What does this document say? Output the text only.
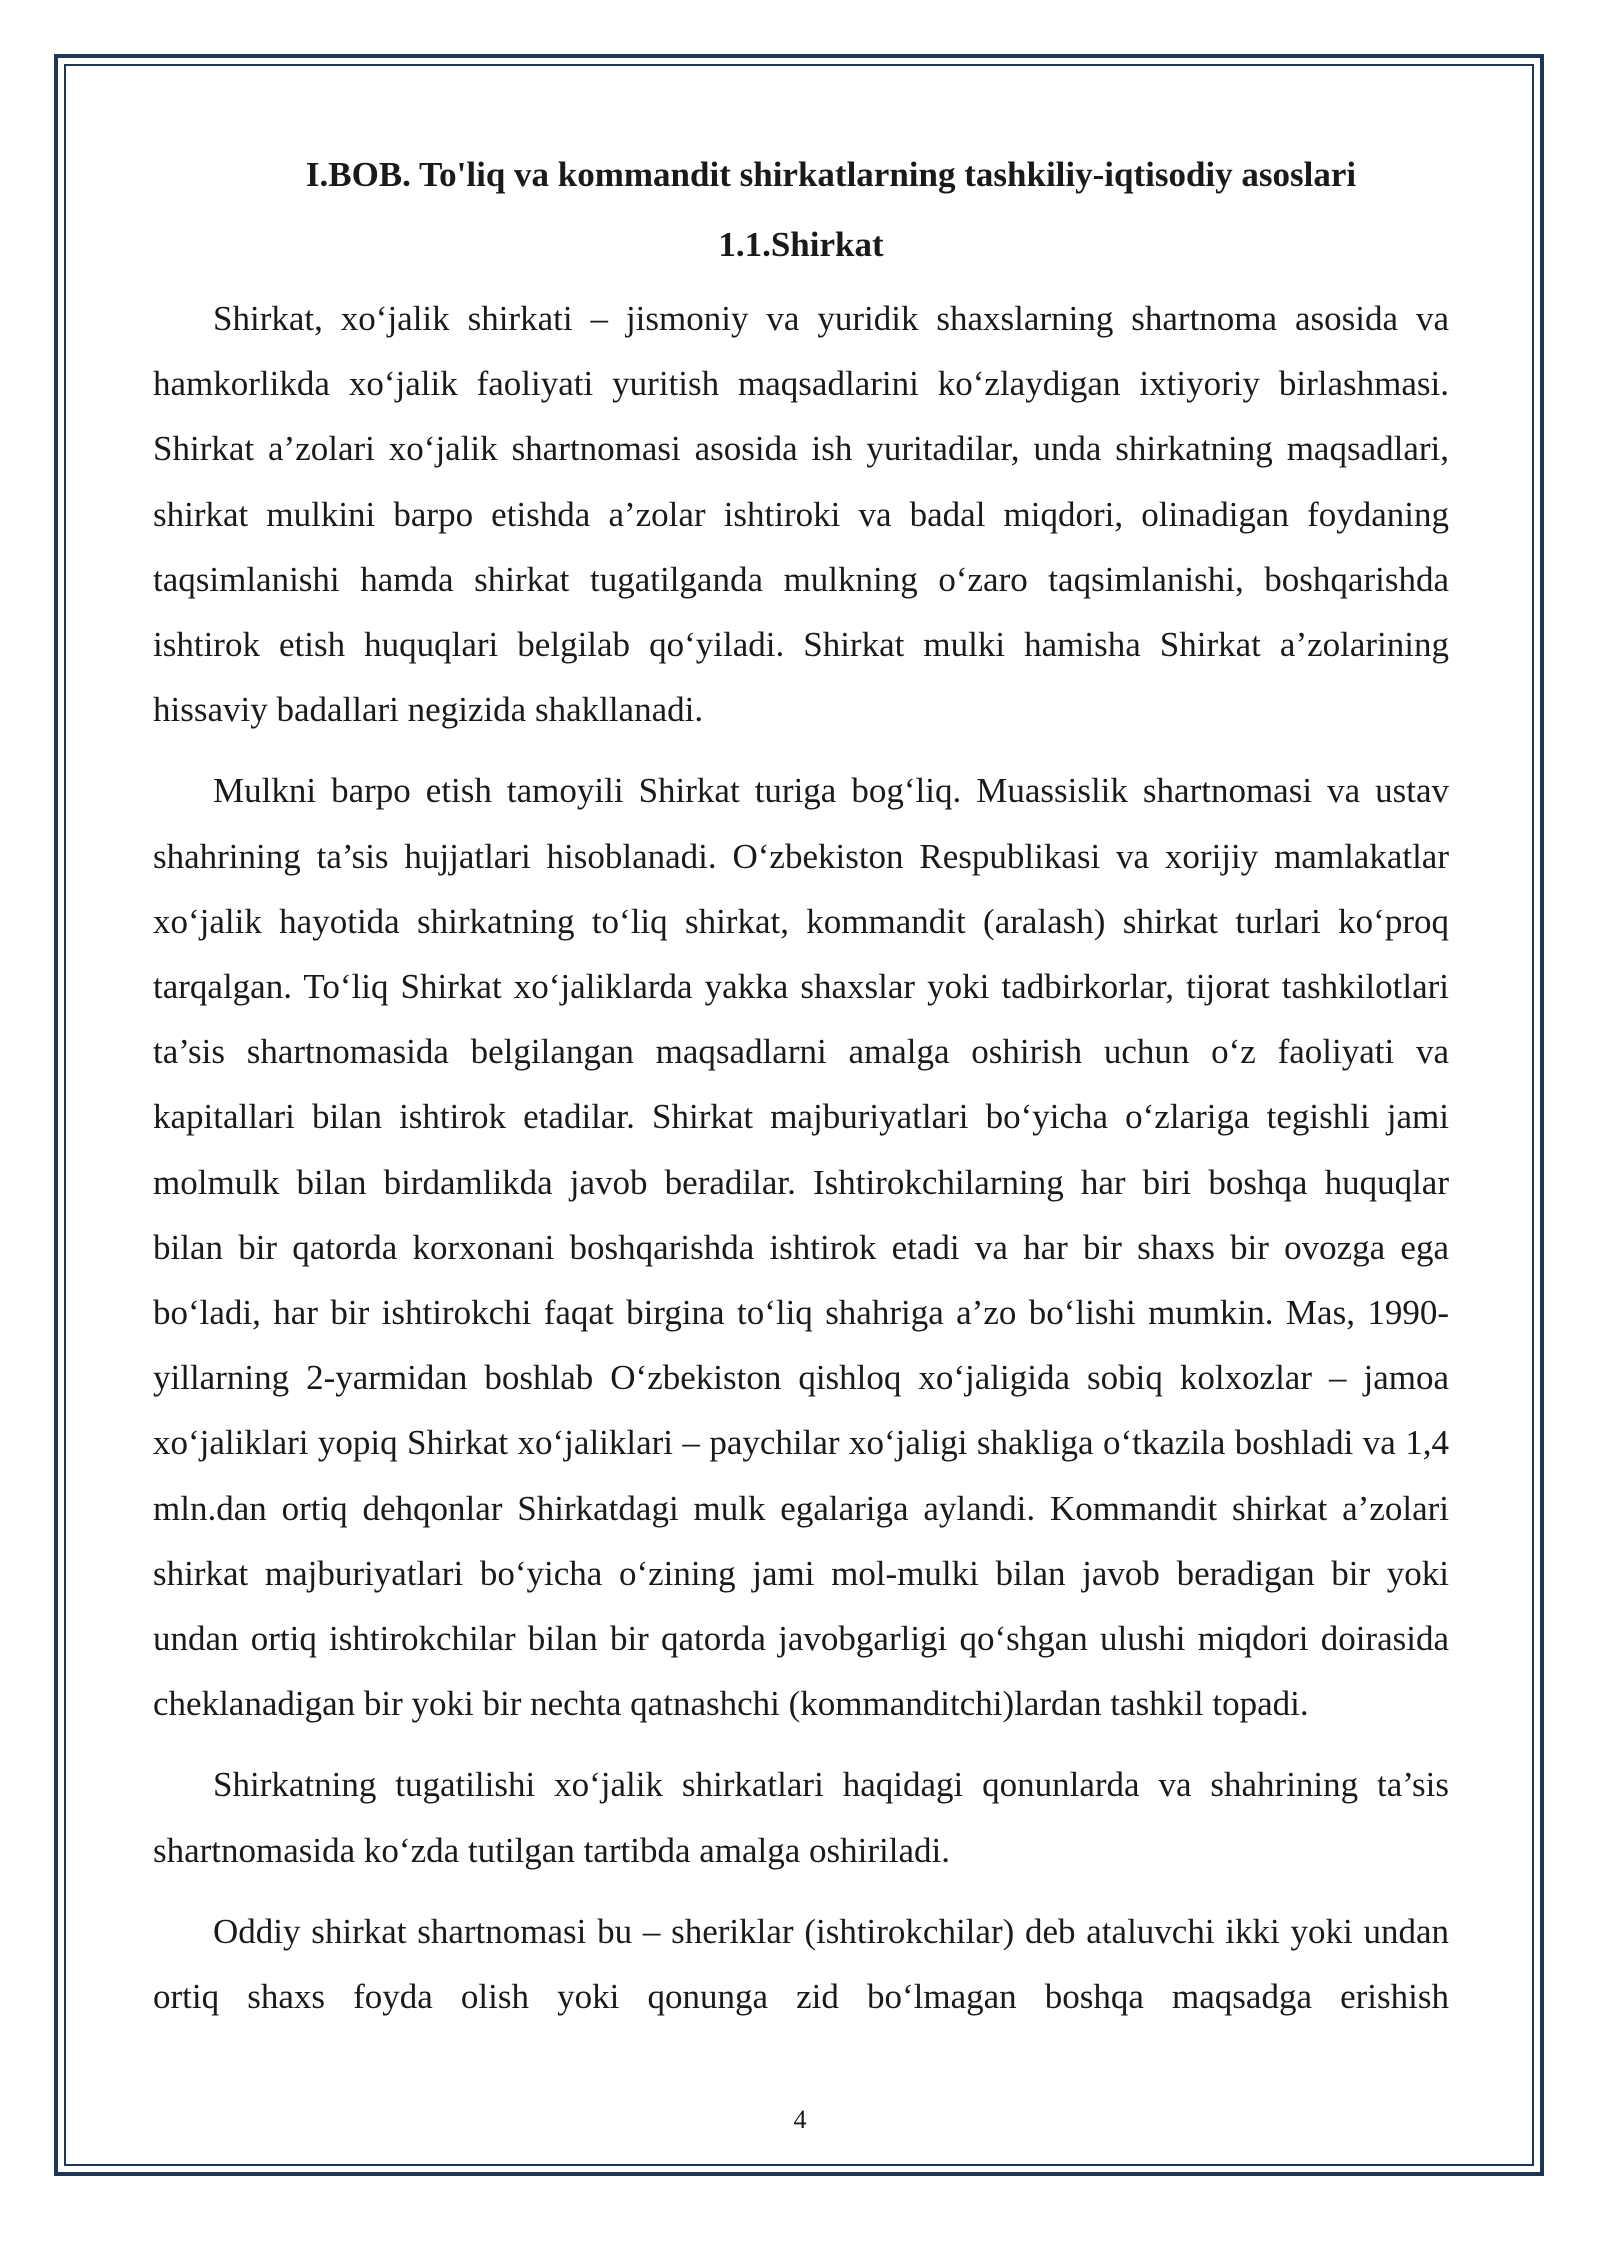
I.BOB. To'liq va kommandit shirkatlarning tashkiliy-iqtisodiy asoslari
1.1.Shirkat

Shirkat, xo‘jalik shirkati – jismoniy va yuridik shaxslarning shartnoma asosida va hamkorlikda xo‘jalik faoliyati yuritish maqsadlarini ko‘zlaydigan ixtiyoriy birlashmasi. Shirkat a’zolari xo‘jalik shartnomasi asosida ish yuritadilar, unda shirkatning maqsadlari, shirkat mulkini barpo etishda a’zolar ishtiroki va badal miqdori, olinadigan foydaning taqsimlanishi hamda shirkat tugatilganda mulkning o‘zaro taqsimlanishi, boshqarishda ishtirok etish huquqlari belgilab qo‘yiladi. Shirkat mulki hamisha Shirkat a’zolarining hissaviy badallari negizida shakllanadi.

Mulkni barpo etish tamoyili Shirkat turiga bog‘liq. Muassislik shartnomasi va ustav shahrining ta’sis hujjatlari hisoblanadi. O‘zbekiston Respublikasi va xorijiy mamlakatlar xo‘jalik hayotida shirkatning to‘liq shirkat, kommandit (aralash) shirkat turlari ko‘proq tarqalgan. To‘liq Shirkat xo‘jaliklarda yakka shaxslar yoki tadbirkorlar, tijorat tashkilotlari ta’sis shartnomasida belgilangan maqsadlarni amalga oshirish uchun o‘z faoliyati va kapitallari bilan ishtirok etadilar. Shirkat majburiyatlari bo‘yicha o‘zlariga tegishli jami molmulk bilan birdamlikda javob beradilar. Ishtirokchilarning har biri boshqa huquqlar bilan bir qatorda korxonani boshqarishda ishtirok etadi va har bir shaxs bir ovozga ega bo‘ladi, har bir ishtirokchi faqat birgina to‘liq shahriga a’zo bo‘lishi mumkin. Mas, 1990-yillarning 2-yarmidan boshlab O‘zbekiston qishloq xo‘jaligida sobiq kolxozlar – jamoa xo‘jaliklari yopiq Shirkat xo‘jaliklari – paychilar xo‘jaligi shakliga o‘tkazila boshladi va 1,4 mln.dan ortiq dehqonlar Shirkatdagi mulk egalariga aylandi. Kommandit shirkat a’zolari shirkat majburiyatlari bo‘yicha o‘zining jami mol-mulki bilan javob beradigan bir yoki undan ortiq ishtirokchilar bilan bir qatorda javobgarligi qo‘shgan ulushi miqdori doirasida cheklanadigan bir yoki bir nechta qatnashchi (kommanditchi)lardan tashkil topadi.

Shirkatning tugatilishi xo‘jalik shirkatlari haqidagi qonunlarda va shahrining ta’sis shartnomasida ko‘zda tutilgan tartibda amalga oshiriladi.

Oddiy shirkat shartnomasi bu – sheriklar (ishtirokchilar) deb ataluvchi ikki yoki undan ortiq shaxs foyda olish yoki qonunga zid bo‘lmagan boshqa maqsadga erishish

4
